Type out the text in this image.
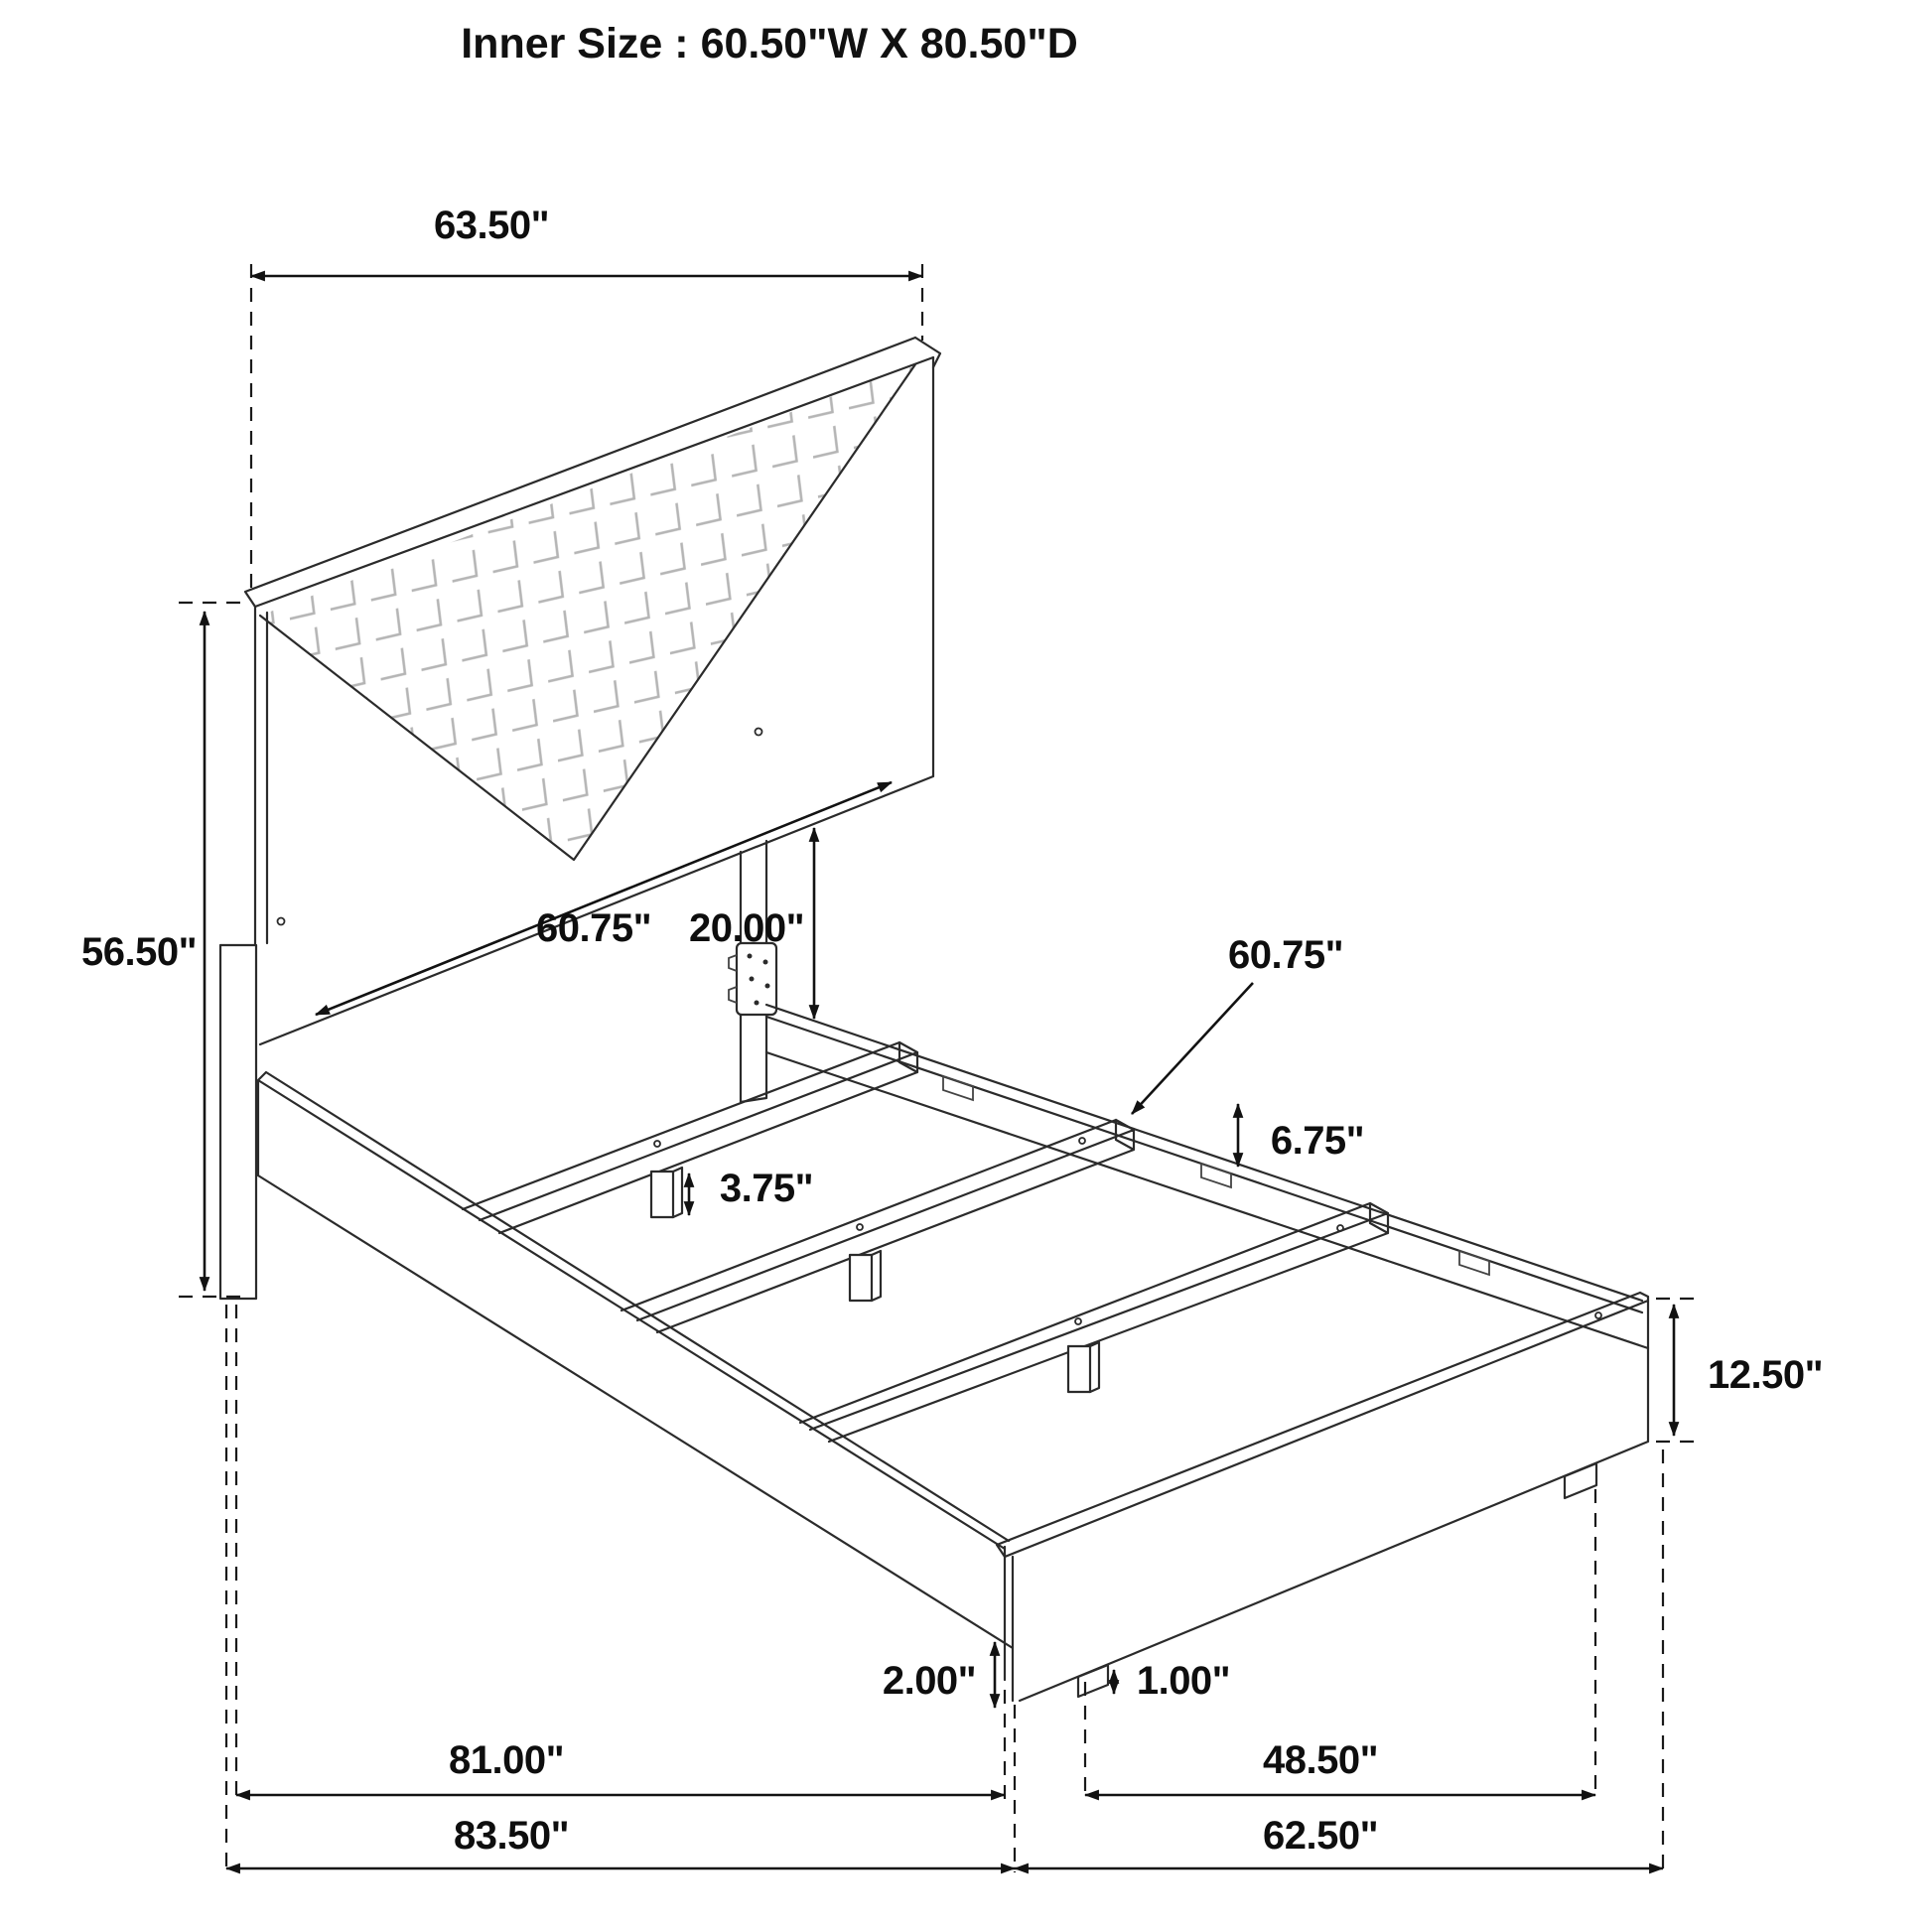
Inner Size : 60.50"W X 80.50"D
63.50"
56.50"
60.75" 20.00"
60.75"
6.75"
3.75"
12.50"
2.00"	1.00"
81.00"	48.50"
83.50"	62.50"
